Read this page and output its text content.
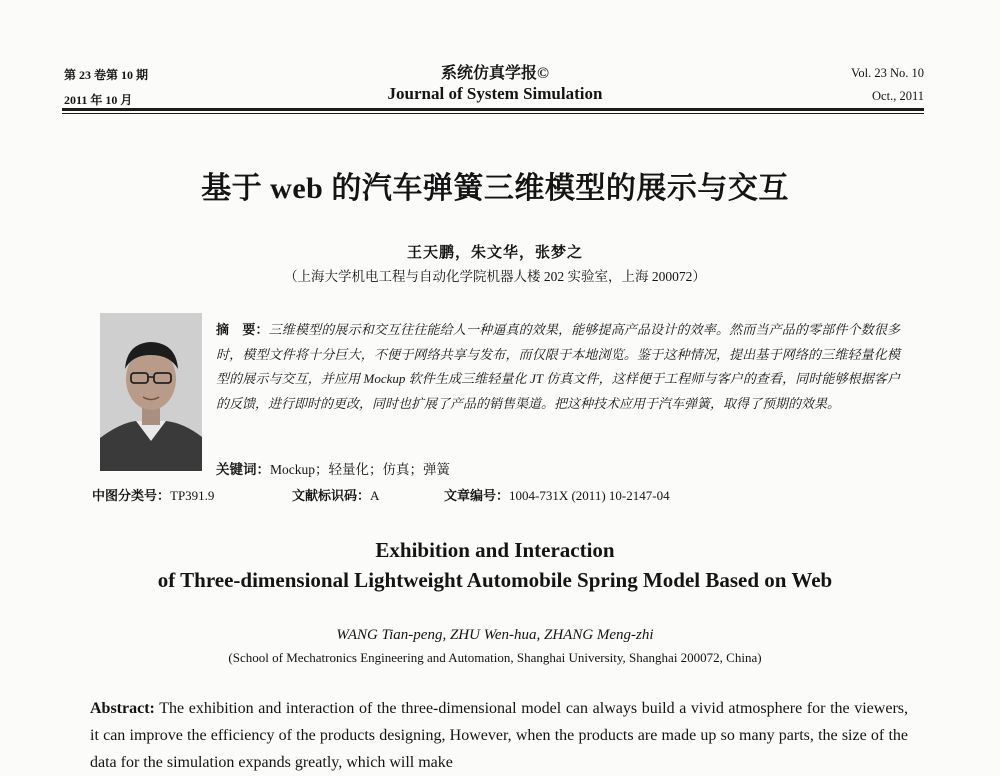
第 23 卷第 10 期
2011 年 10 月
系统仿真学报©
Journal of System Simulation
Vol. 23 No. 10
Oct., 2011
基于 web 的汽车弹簧三维模型的展示与交互
王天鹏，朱文华，张梦之
（上海大学机电工程与自动化学院机器人楼 202 实验室，上海 200072）
摘　要：三维模型的展示和交互往往能给人一种逼真的效果，能够提高产品设计的效率。然而当产品的零部件个数很多时，模型文件将十分巨大，不便于网络共享与发布，而仅限于本地浏览。鉴于这种情况，提出基于网络的三维轻量化模型的展示与交互，并应用 Mockup 软件生成三维轻量化 JT 仿真文件，这样便于工程师与客户的查看，同时能够根据客户的反馈，进行即时的更改，同时也扩展了产品的销售渠道。把这种技术应用于汽车弹簧，取得了预期的效果。
关键词：Mockup；轻量化；仿真；弹簧
中图分类号：TP391.9	文献标识码：A	文章编号：1004-731X (2011) 10-2147-04
Exhibition and Interaction
of Three-dimensional Lightweight Automobile Spring Model Based on Web
WANG Tian-peng, ZHU Wen-hua, ZHANG Meng-zhi
(School of Mechatronics Engineering and Automation, Shanghai University, Shanghai 200072, China)
Abstract: The exhibition and interaction of the three-dimensional model can always build a vivid atmosphere for the viewers, it can improve the efficiency of the products designing, However, when the products are made up so many parts, the size of the data for the simulation expands greatly, which will make
